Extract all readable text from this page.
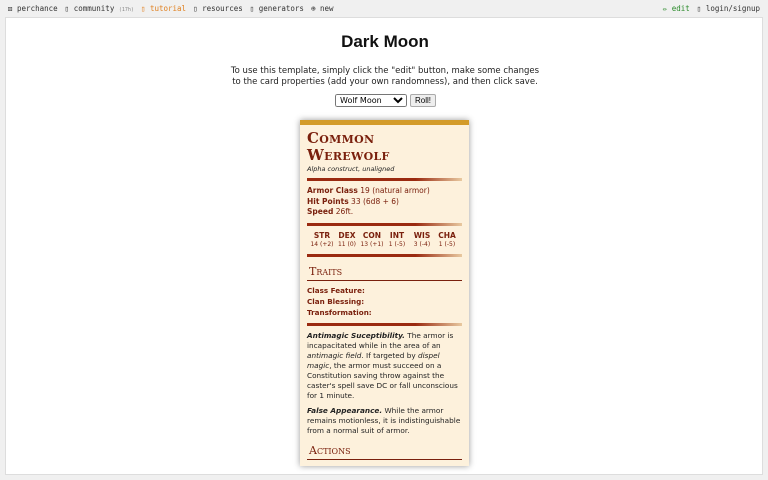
⚄ perchance ▯ community (17h) ▯ tutorial ▯ resources ▯ generators ⊕ new	✏ edit ▯ login/signup
Dark Moon
To use this template, simply click the "edit" button, make some changes to the card properties (add your own randomness), and then click save.
Wolf Moon
Roll!
Common Werewolf
Alpha construct, unaligned
Armor Class 19 (natural armor)
Hit Points 33 (6d8 + 6)
Speed 26ft.
STR
14 (+2)
DEX
11 (0)
CON
13 (+1)
INT
1 (-5)
WIS
3 (-4)
CHA
1 (-5)
Traits
Class Feature:
Clan Blessing:
Transformation:

Antimagic Suceptibility. The armor is incapacitated while in the area of an antimagic field. If targeted by dispel magic, the armor must succeed on a Constitution saving throw against the caster's spell save DC or fall unconscious for 1 minute.

False Appearance. While the armor remains motionless, it is indistinguishable from a normal suit of armor.

Actions
